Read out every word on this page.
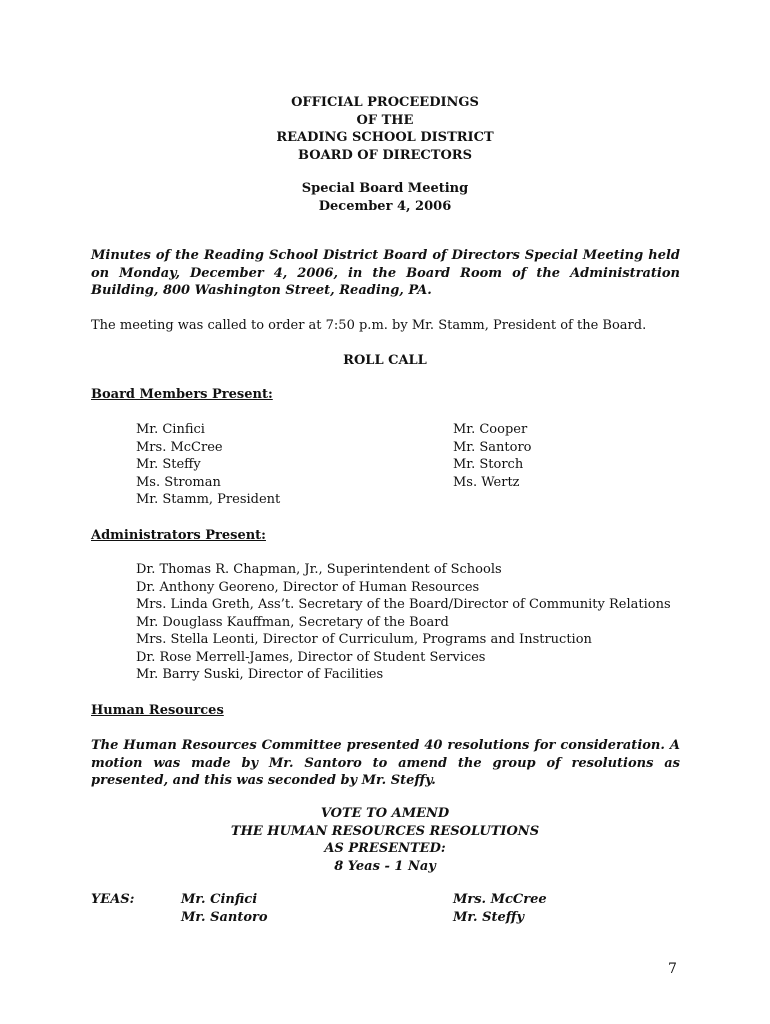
OFFICIAL PROCEEDINGS
OF THE
READING SCHOOL DISTRICT
BOARD OF DIRECTORS
Special Board Meeting
December 4, 2006

Minutes of the Reading School District Board of Directors Special Meeting held on Monday, December 4, 2006, in the Board Room of the Administration Building, 800 Washington Street, Reading, PA.

The meeting was called to order at 7:50 p.m. by Mr. Stamm, President of the Board.

ROLL CALL
Board Members Present:
Mr. Cinfici
Mrs. McCree
Mr. Steffy
Ms. Stroman
Mr. Stamm, President
Mr. Cooper
Mr. Santoro
Mr. Storch
Ms. Wertz
Administrators Present:
Dr. Thomas R. Chapman, Jr., Superintendent of Schools
Dr. Anthony Georeno, Director of Human Resources
Mrs. Linda Greth, Ass’t. Secretary of the Board/Director of Community Relations
Mr. Douglass Kauffman, Secretary of the Board
Mrs. Stella Leonti, Director of Curriculum, Programs and Instruction
Dr. Rose Merrell-James, Director of Student Services
Mr. Barry Suski, Director of Facilities
Human Resources

The Human Resources Committee presented 40 resolutions for consideration. A motion was made by Mr. Santoro to amend the group of resolutions as presented, and this was seconded by Mr. Steffy.

VOTE TO AMEND
THE HUMAN RESOURCES RESOLUTIONS
AS PRESENTED:
8 Yeas - 1 Nay
YEAS:	Mr. Cinfici
Mr. Santoro
Mrs. McCree
Mr. Steffy
7
